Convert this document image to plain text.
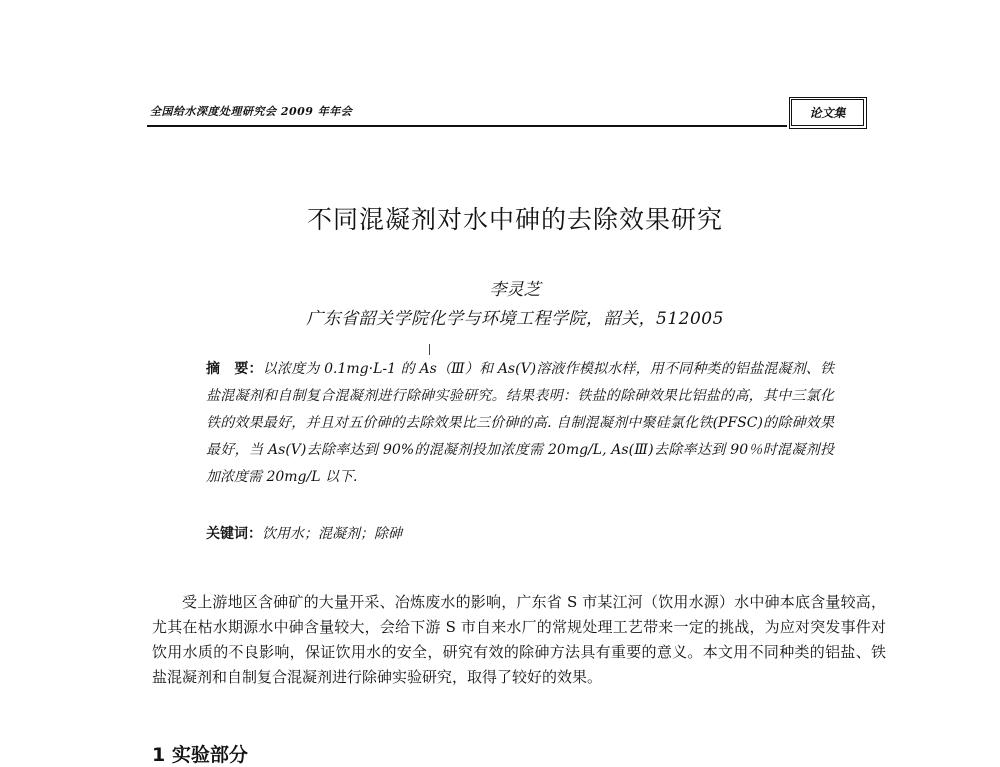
全国给水深度处理研究会 2009 年年会	论文集
不同混凝剂对水中砷的去除效果研究
李灵芝
广东省韶关学院化学与环境工程学院，韶关，512005
摘　要：以浓度为 0.1mg·L-1 的 As（Ⅲ）和 As(V)溶液作模拟水样，用不同种类的铝盐混凝剂、铁盐混凝剂和自制复合混凝剂进行除砷实验研究。结果表明：铁盐的除砷效果比铝盐的高，其中三氯化铁的效果最好，并且对五价砷的去除效果比三价砷的高. 自制混凝剂中聚硅氯化铁(PFSC)的除砷效果最好，当 As(V)去除率达到 90%的混凝剂投加浓度需 20mg/L, As(Ⅲ)去除率达到 90％时混凝剂投加浓度需 20mg/L 以下.
关键词：饮用水；混凝剂；除砷
受上游地区含砷矿的大量开采、冶炼废水的影响，广东省 S 市某江河（饮用水源）水中砷本底含量较高，尤其在枯水期源水中砷含量较大，会给下游 S 市自来水厂的常规处理工艺带来一定的挑战，为应对突发事件对饮用水质的不良影响，保证饮用水的安全，研究有效的除砷方法具有重要的意义。本文用不同种类的铝盐、铁盐混凝剂和自制复合混凝剂进行除砷实验研究，取得了较好的效果。
1 实验部分
